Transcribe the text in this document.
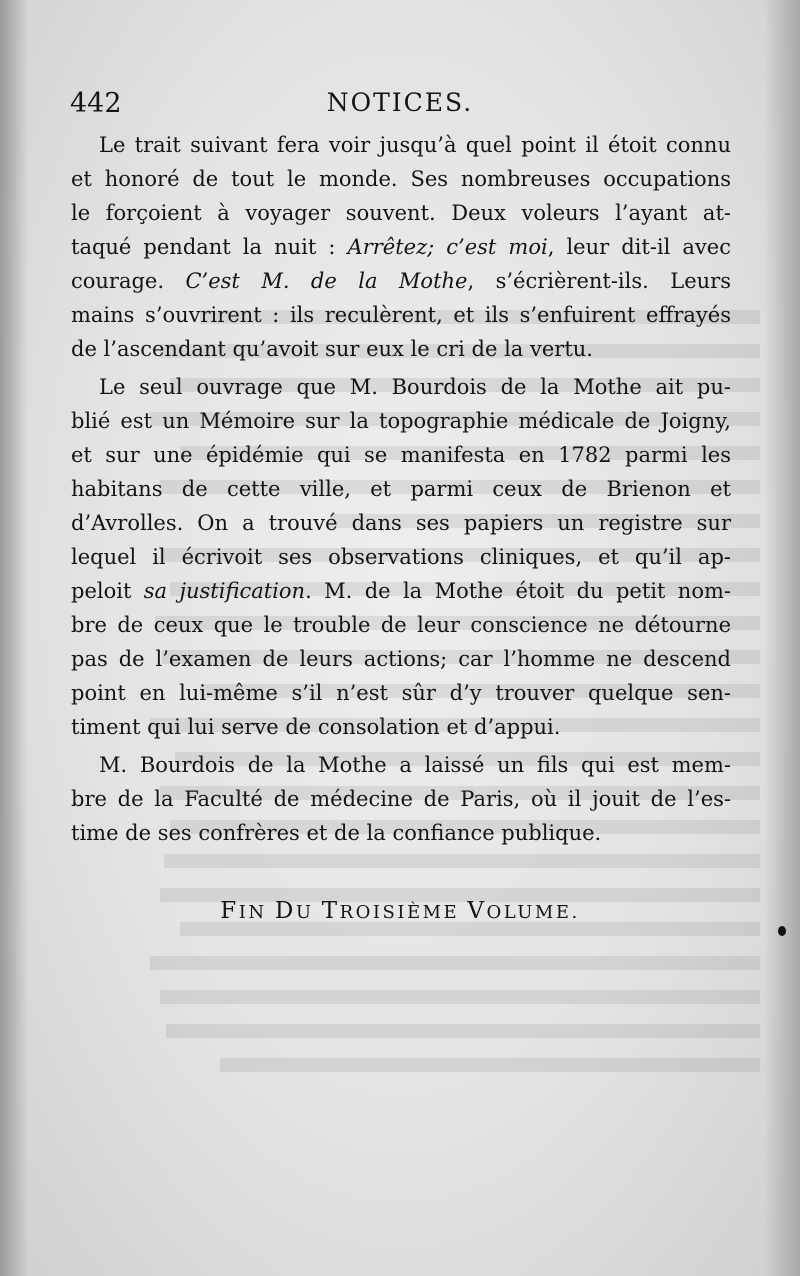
442	NOTICES.
Le trait suivant fera voir jusqu’à quel point il étoit connu
et honoré de tout le monde. Ses nombreuses occupations
le forçoient à voyager souvent. Deux voleurs l’ayant at-
taqué pendant la nuit : Arrêtez; c’est moi, leur dit-il avec
courage. C’est M. de la Mothe, s’écrièrent-ils. Leurs
mains s’ouvrirent : ils reculèrent, et ils s’enfuirent effrayés
de l’ascendant qu’avoit sur eux le cri de la vertu.
Le seul ouvrage que M. Bourdois de la Mothe ait pu-
blié est un Mémoire sur la topographie médicale de Joigny,
et sur une épidémie qui se manifesta en 1782 parmi les
habitans de cette ville, et parmi ceux de Brienon et
d’Avrolles. On a trouvé dans ses papiers un registre sur
lequel il écrivoit ses observations cliniques, et qu’il ap-
peloit sa justification. M. de la Mothe étoit du petit nom-
bre de ceux que le trouble de leur conscience ne détourne
pas de l’examen de leurs actions; car l’homme ne descend
point en lui-même s’il n’est sûr d’y trouver quelque sen-
timent qui lui serve de consolation et d’appui.
M. Bourdois de la Mothe a laissé un fils qui est mem-
bre de la Faculté de médecine de Paris, où il jouit de l’es-
time de ses confrères et de la confiance publique.
FIN DU TROISIÈME VOLUME.
